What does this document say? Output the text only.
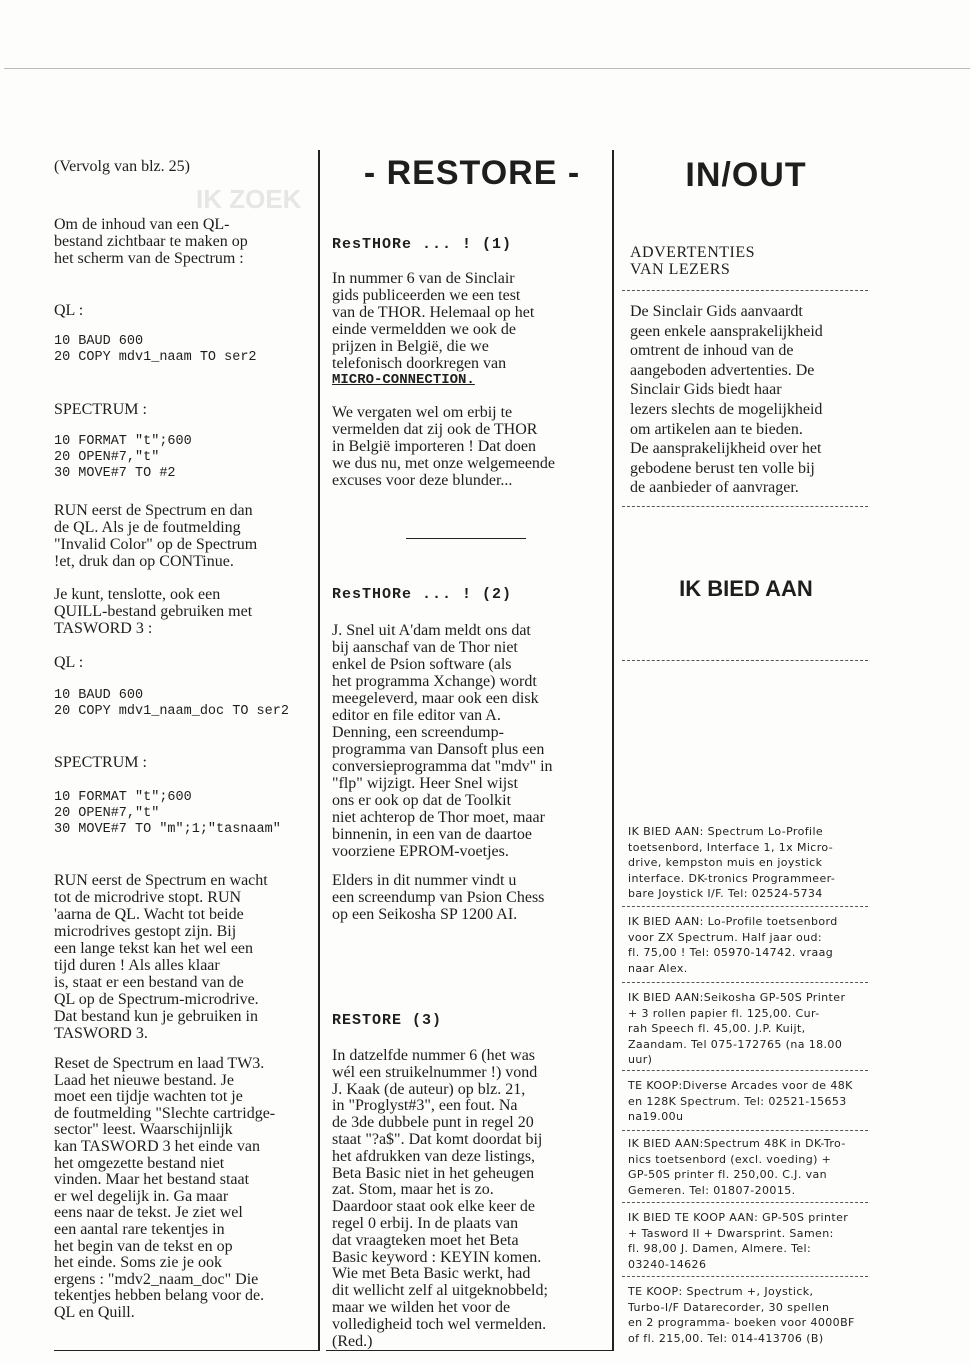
IK ZOEK

(Vervolg van blz. 25)

Om de inhoud van een QL-
bestand zichtbaar te maken op
het scherm van de Spectrum :

QL :

10 BAUD 600
20 COPY mdv1_naam TO ser2

SPECTRUM :

10 FORMAT "t";600
20 OPEN#7,"t"
30 MOVE#7 TO #2

RUN eerst de Spectrum en dan
de QL. Als je de foutmelding
"Invalid Color" op de Spectrum
!et, druk dan op CONTinue.

Je kunt, tenslotte, ook een
QUILL-bestand gebruiken met
TASWORD 3 :

QL :

10 BAUD 600
20 COPY mdv1_naam_doc TO ser2

SPECTRUM :

10 FORMAT "t";600
20 OPEN#7,"t"
30 MOVE#7 TO "m";1;"tasnaam"

RUN eerst de Spectrum en wacht
tot de microdrive stopt. RUN
'aarna de QL. Wacht tot beide
microdrives gestopt zijn. Bij
een lange tekst kan het wel een
tijd duren ! Als alles klaar
is, staat er een bestand van de
QL op de Spectrum-microdrive.
Dat bestand kun je gebruiken in
TASWORD 3.

Reset de Spectrum en laad TW3.
Laad het nieuwe bestand. Je
moet een tijdje wachten tot je
de foutmelding "Slechte cartridge-
sector" leest. Waarschijnlijk
kan TASWORD 3 het einde van
het omgezette bestand niet
vinden. Maar het bestand staat
er wel degelijk in. Ga maar
eens naar de tekst. Je ziet wel
een aantal rare tekentjes in
het begin van de tekst en op
het einde. Soms zie je ook
ergens : "mdv2_naam_doc" Die
tekentjes hebben belang voor de.
QL en Quill.

- RESTORE -
ResTHORe ... ! (1)

In nummer 6 van de Sinclair
gids publiceerden we een test
van de THOR. Helemaal op het
einde vermeldden we ook de
prijzen in België, die we
telefonisch doorkregen van

MICRO-CONNECTION.

We vergaten wel om erbij te
vermelden dat zij ook de THOR
in België importeren ! Dat doen
we dus nu, met onze welgemeende
excuses voor deze blunder...

ResTHORe ... ! (2)

J. Snel uit A'dam meldt ons dat
bij aanschaf van de Thor niet
enkel de Psion software (als
het programma Xchange) wordt
meegeleverd, maar ook een disk
editor en file editor van A.
Denning, een screendump-
programma van Dansoft plus een
conversieprogramma dat "mdv" in
"flp" wijzigt. Heer Snel wijst
ons er ook op dat de Toolkit
niet achterop de Thor moet, maar
binnenin, in een van de daartoe
voorziene EPROM-voetjes.

Elders in dit nummer vindt u
een screendump van Psion Chess
op een Seikosha SP 1200 AI.

RESTORE (3)

In datzelfde nummer 6 (het was
wél een struikelnummer !) vond
J. Kaak (de auteur) op blz. 21,
in "Proglyst#3", een fout. Na
de 3de dubbele punt in regel 20
staat "?a$". Dat komt doordat bij
het afdrukken van deze listings,
Beta Basic niet in het geheugen
zat. Stom, maar het is zo.
Daardoor staat ook elke keer de
regel 0 erbij. In de plaats van
dat vraagteken moet het Beta
Basic keyword : KEYIN komen.
Wie met Beta Basic werkt, had
dit wellicht zelf al uitgeknobbeld;
maar we wilden het voor de
volledigheid toch wel vermelden.
(Red.)

IN/OUT

ADVERTENTIES
VAN LEZERS

De Sinclair Gids aanvaardt
geen enkele aansprakelijkheid
omtrent de inhoud van de
aangeboden advertenties. De
Sinclair Gids biedt haar
lezers slechts de mogelijkheid
om artikelen aan te bieden.
De aansprakelijkheid over het
gebodene berust ten volle bij
de aanbieder of aanvrager.

IK BIED AAN

IK BIED AAN: Spectrum Lo-Profile
toetsenbord, Interface 1, 1x Micro-
drive, kempston muis en joystick
interface. DK-tronics Programmeer-
bare Joystick I/F. Tel: 02524-5734

IK BIED AAN: Lo-Profile toetsenbord
voor ZX Spectrum. Half jaar oud:
fl. 75,00 ! Tel: 05970-14742. vraag
naar Alex.

IK BIED AAN:Seikosha GP-50S Printer
+ 3 rollen papier fl. 125,00. Cur-
rah Speech fl. 45,00. J.P. Kuijt,
Zaandam. Tel 075-172765 (na 18.00
uur)

TE KOOP:Diverse Arcades voor de 48K
en 128K Spectrum. Tel: 02521-15653
na19.00u

IK BIED AAN:Spectrum 48K in DK-Tro-
nics toetsenbord (excl. voeding) +
GP-50S printer fl. 250,00. C.J. van
Gemeren. Tel: 01807-20015.

IK BIED TE KOOP AAN: GP-50S printer
+ Tasword II + Dwarsprint. Samen:
fl. 98,00 J. Damen, Almere. Tel:
03240-14626

TE KOOP: Spectrum +, Joystick,
Turbo-I/F Datarecorder, 30 spellen
en 2 programma- boeken voor 4000BF
of fl. 215,00. Tel: 014-413706 (B)
